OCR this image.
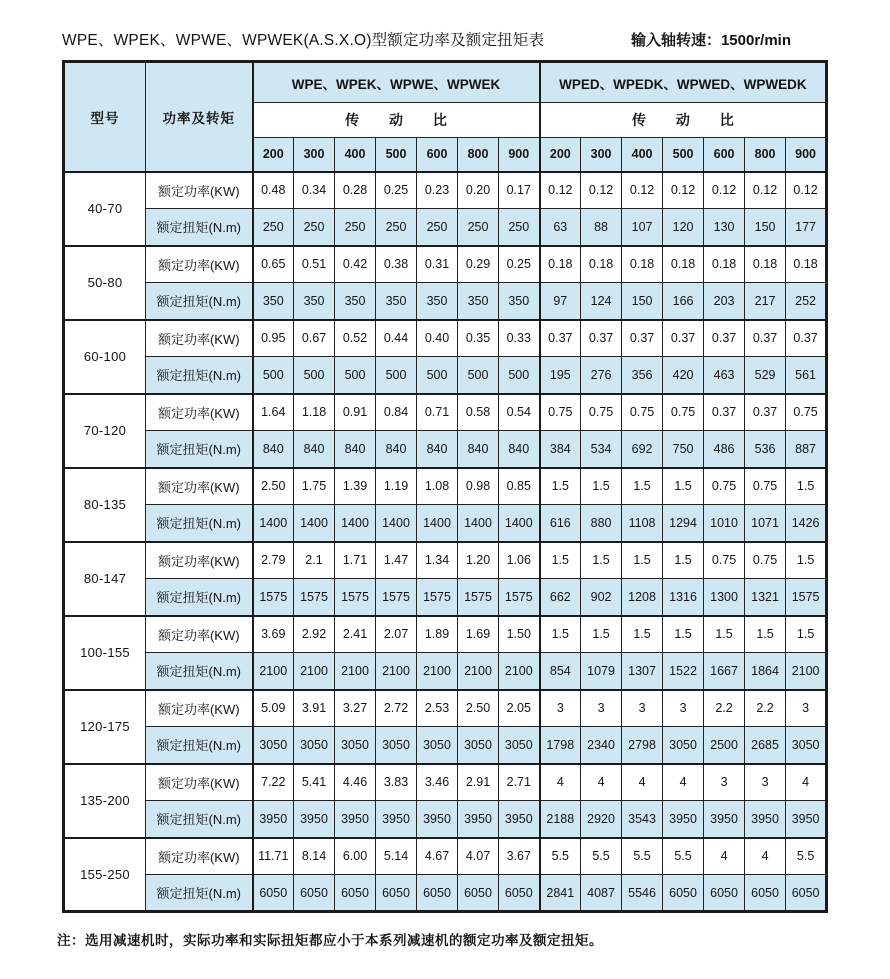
WPE、WPEK、WPWE、WPWEK(A.S.X.O)型额定功率及额定扭矩表	输入轴转速：1500r/min
型号	功率及转矩	WPE、WPEK、WPWE、WPWEK							WPED、WPEDK、WPWED、WPWEDK						
		传 动 比							传 动 比						
		200	300	400	500	600	800	900	200	300	400	500	600	800	900
40-70	额定功率(KW)	0.48	0.34	0.28	0.25	0.23	0.20	0.17	0.12	0.12	0.12	0.12	0.12	0.12	0.12
	额定扭矩(N.m)	250	250	250	250	250	250	250	63	88	107	120	130	150	177
50-80	额定功率(KW)	0.65	0.51	0.42	0.38	0.31	0.29	0.25	0.18	0.18	0.18	0.18	0.18	0.18	0.18
	额定扭矩(N.m)	350	350	350	350	350	350	350	97	124	150	166	203	217	252
60-100	额定功率(KW)	0.95	0.67	0.52	0.44	0.40	0.35	0.33	0.37	0.37	0.37	0.37	0.37	0.37	0.37
	额定扭矩(N.m)	500	500	500	500	500	500	500	195	276	356	420	463	529	561
70-120	额定功率(KW)	1.64	1.18	0.91	0.84	0.71	0.58	0.54	0.75	0.75	0.75	0.75	0.37	0.37	0.75
	额定扭矩(N.m)	840	840	840	840	840	840	840	384	534	692	750	486	536	887
80-135	额定功率(KW)	2.50	1.75	1.39	1.19	1.08	0.98	0.85	1.5	1.5	1.5	1.5	0.75	0.75	1.5
	额定扭矩(N.m)	1400	1400	1400	1400	1400	1400	1400	616	880	1108	1294	1010	1071	1426
80-147	额定功率(KW)	2.79	2.1	1.71	1.47	1.34	1.20	1.06	1.5	1.5	1.5	1.5	0.75	0.75	1.5
	额定扭矩(N.m)	1575	1575	1575	1575	1575	1575	1575	662	902	1208	1316	1300	1321	1575
100-155	额定功率(KW)	3.69	2.92	2.41	2.07	1.89	1.69	1.50	1.5	1.5	1.5	1.5	1.5	1.5	1.5
	额定扭矩(N.m)	2100	2100	2100	2100	2100	2100	2100	854	1079	1307	1522	1667	1864	2100
120-175	额定功率(KW)	5.09	3.91	3.27	2.72	2.53	2.50	2.05	3	3	3	3	2.2	2.2	3
	额定扭矩(N.m)	3050	3050	3050	3050	3050	3050	3050	1798	2340	2798	3050	2500	2685	3050
135-200	额定功率(KW)	7.22	5.41	4.46	3.83	3.46	2.91	2.71	4	4	4	4	3	3	4
	额定扭矩(N.m)	3950	3950	3950	3950	3950	3950	3950	2188	2920	3543	3950	3950	3950	3950
155-250	额定功率(KW)	11.71	8.14	6.00	5.14	4.67	4.07	3.67	5.5	5.5	5.5	5.5	4	4	5.5
	额定扭矩(N.m)	6050	6050	6050	6050	6050	6050	6050	2841	4087	5546	6050	6050	6050	6050
注：选用减速机时，实际功率和实际扭矩都应小于本系列减速机的额定功率及额定扭矩。
